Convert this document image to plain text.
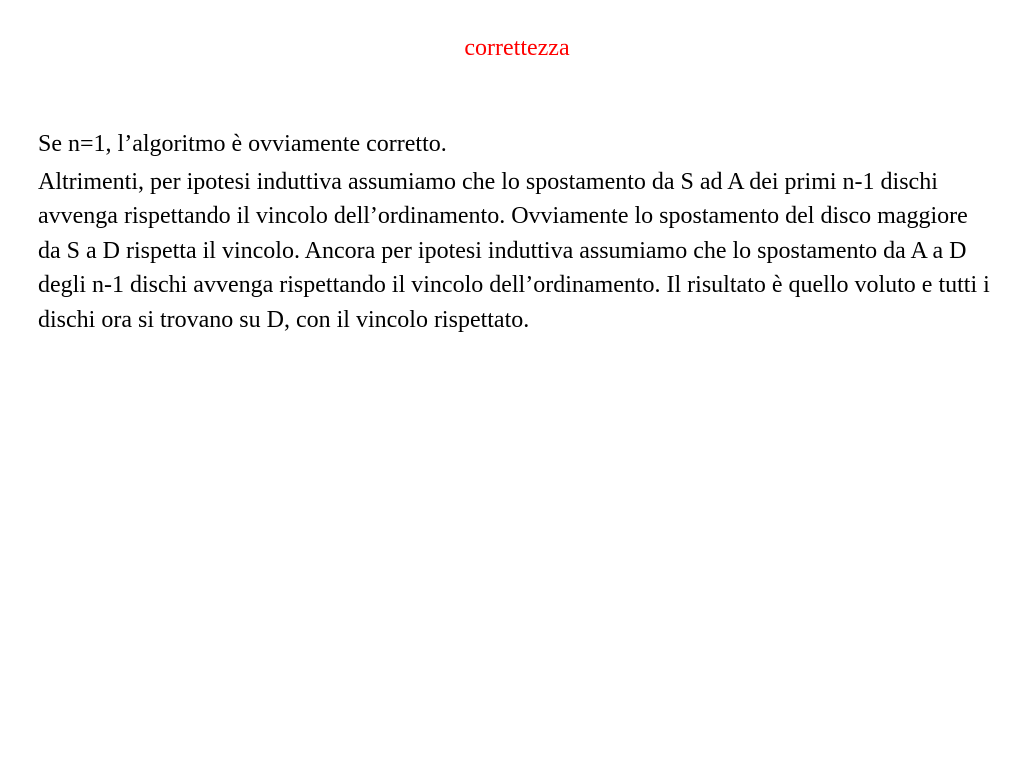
correttezza

Se n=1, l’algoritmo è ovviamente corretto.

Altrimenti, per ipotesi induttiva assumiamo che lo spostamento da S ad A dei primi n-1 dischi avvenga rispettando il vincolo dell’ordinamento. Ovviamente lo spostamento del disco maggiore da S a D rispetta il vincolo. Ancora per ipotesi induttiva assumiamo che lo spostamento da A a D degli n-1 dischi avvenga rispettando il vincolo dell’ordinamento. Il risultato è quello voluto e tutti i dischi ora si trovano su D, con il vincolo rispettato.
